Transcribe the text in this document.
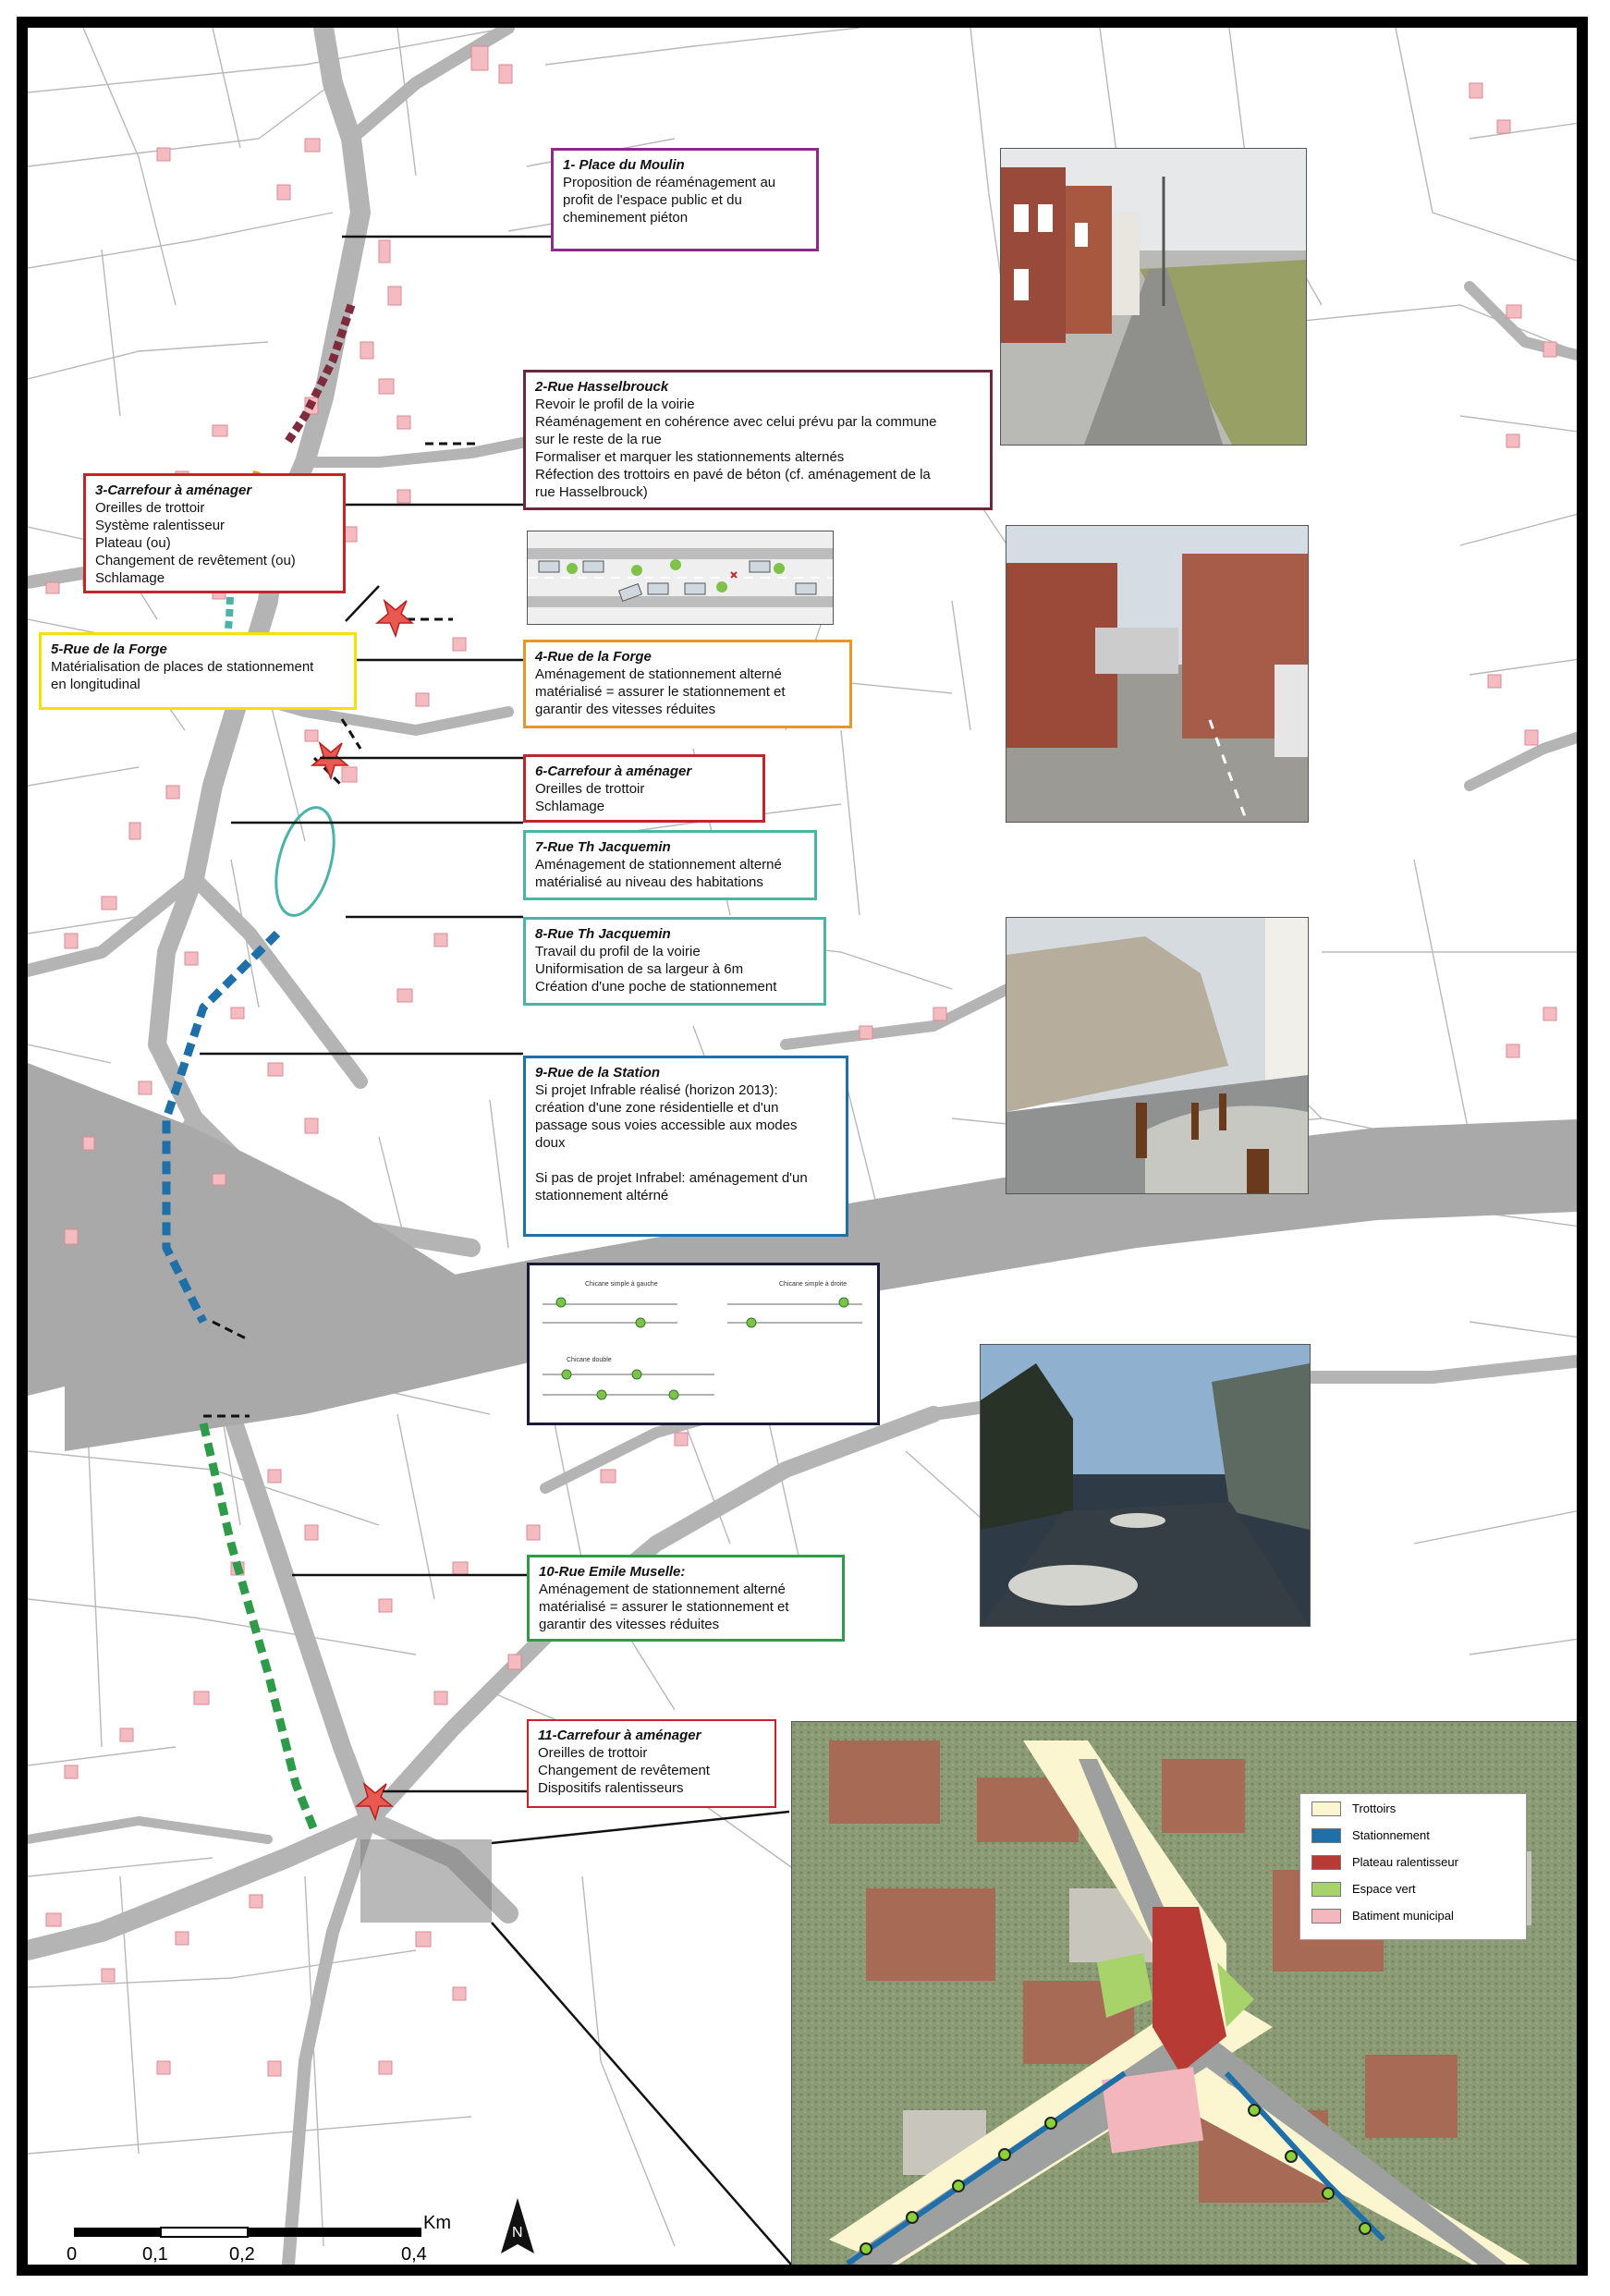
1- Place du Moulin
Proposition de réaménagement au
profit de l'espace public et du
cheminement piéton
2-Rue Hasselbrouck
Revoir le profil de la voirie
Réaménagement en cohérence avec celui prévu par la commune
sur le reste de la rue
Formaliser et marquer les stationnements alternés
Réfection des trottoirs en pavé de béton (cf. aménagement de la
rue Hasselbrouck)
3-Carrefour à aménager
Oreilles de trottoir
Système ralentisseur
Plateau (ou)
Changement de revêtement (ou)
Schlamage
4-Rue de la Forge
Aménagement de stationnement alterné
matérialisé = assurer le stationnement et
garantir des vitesses réduites
5-Rue de la Forge
Matérialisation de places de stationnement
en longitudinal
6-Carrefour à aménager
Oreilles de trottoir
Schlamage
7-Rue Th Jacquemin
Aménagement de stationnement alterné
matérialisé au niveau des habitations
8-Rue Th Jacquemin
Travail du profil de la voirie
Uniformisation de sa largeur à 6m
Création d'une poche de stationnement
9-Rue de la Station
Si projet Infrable réalisé (horizon 2013):
création d'une zone résidentielle et d'un
passage sous voies accessible aux modes
doux
Si pas de projet Infrabel: aménagement d'un
stationnement altérné
10-Rue Emile Muselle:
Aménagement de stationnement alterné
matérialisé = assurer le stationnement et
garantir des vitesses réduites
11-Carrefour à aménager
Oreilles de trottoir
Changement de revêtement
Dispositifs ralentisseurs
Chicane simple à gauche	Chicane simple à droite
Chicane double
Trottoirs
Stationnement
Plateau ralentisseur
Espace vert
Batiment municipal
Km
0	0,1	0,2	0,4
N
